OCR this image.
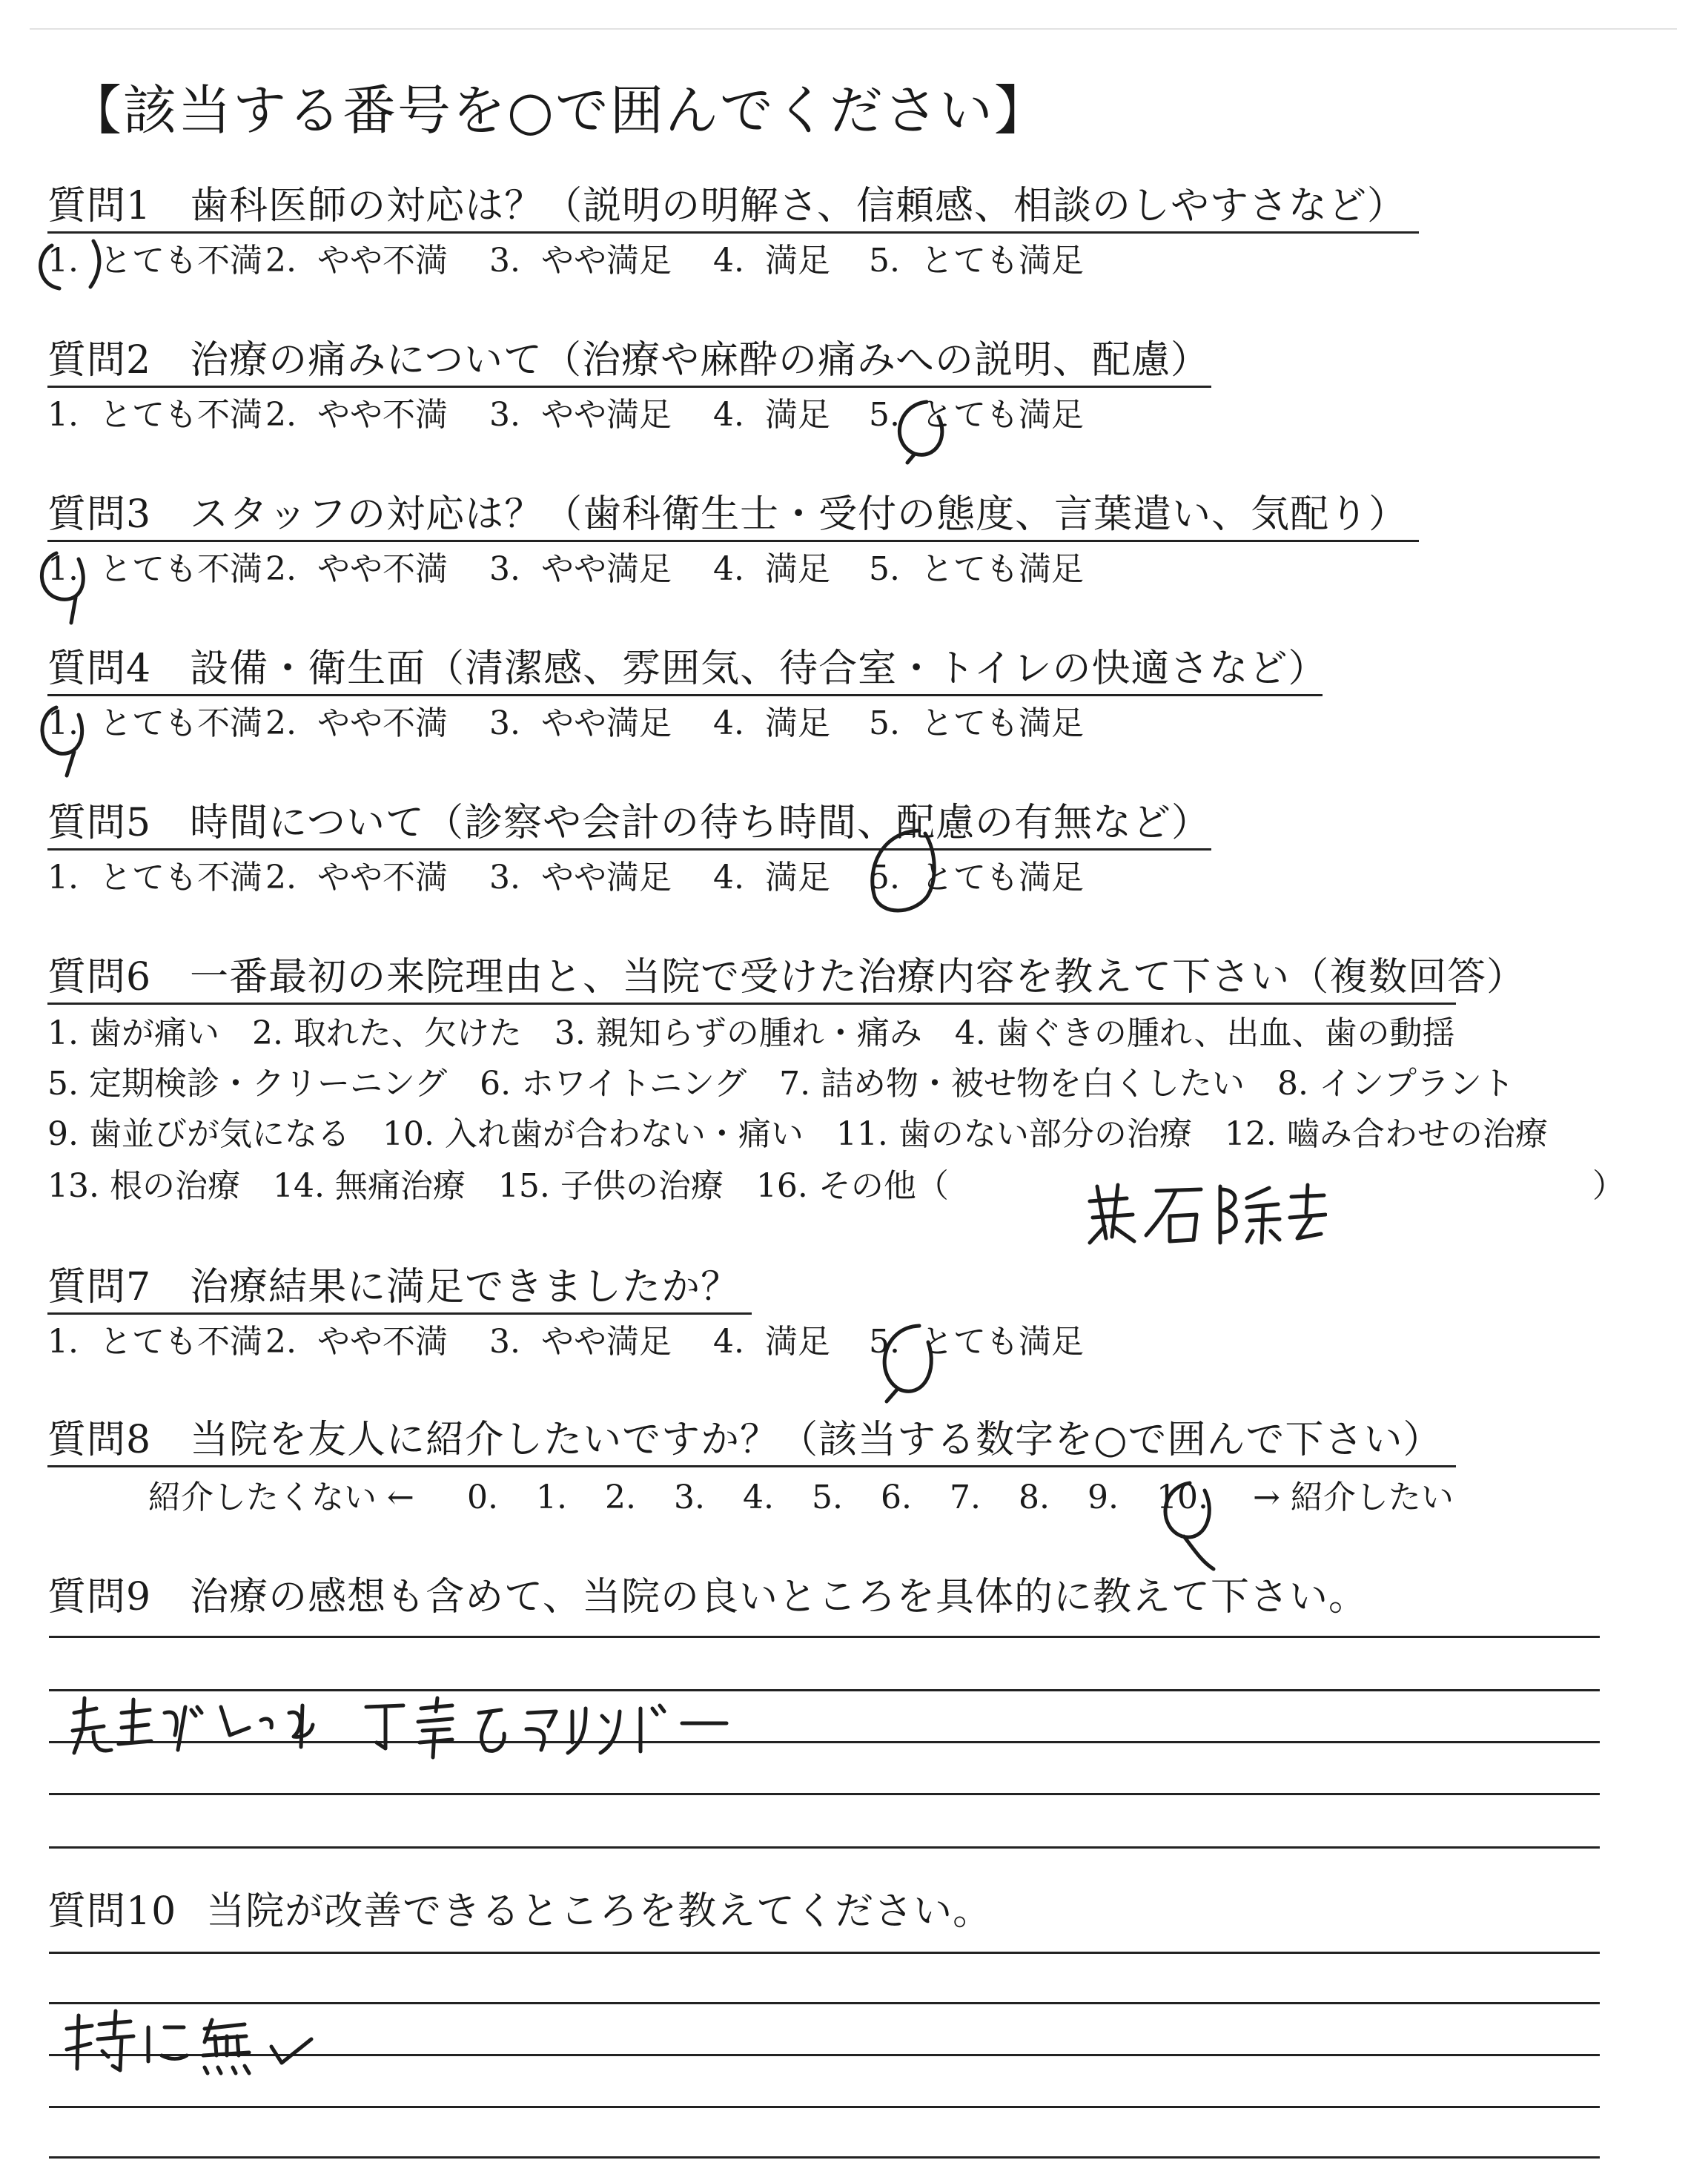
【該当する番号を○で囲んでください】
質問1 歯科医師の対応は？（説明の明解さ、信頼感、相談のしやすさなど）
1. とても不満2. やや不満 3. やや満足 4. 満足 5. とても満足
質問2 治療の痛みについて（治療や麻酔の痛みへの説明、配慮）
1. とても不満2. やや不満 3. やや満足 4. 満足 5. とても満足
質問3 スタッフの対応は？（歯科衛生士・受付の態度、言葉遣い、気配り）
1. とても不満2. やや不満 3. やや満足 4. 満足 5. とても満足
質問4 設備・衛生面（清潔感、雰囲気、待合室・トイレの快適さなど）
1. とても不満2. やや不満 3. やや満足 4. 満足 5. とても満足
質問5 時間について（診察や会計の待ち時間、配慮の有無など）
1. とても不満2. やや不満 3. やや満足 4. 満足 5. とても満足
質問6 一番最初の来院理由と、当院で受けた治療内容を教えて下さい（複数回答）
1. 歯が痛い　2. 取れた、欠けた　3. 親知らずの腫れ・痛み　4. 歯ぐきの腫れ、出血、歯の動揺
5. 定期検診・クリーニング　6. ホワイトニング　7. 詰め物・被せ物を白くしたい　8. インプラント
9. 歯並びが気になる　10. 入れ歯が合わない・痛い　11. 歯のない部分の治療　12. 嚙み合わせの治療
13. 根の治療　14. 無痛治療　15. 子供の治療　16. その他（	）
質問7 治療結果に満足できましたか？
1. とても不満2. やや不満 3. やや満足 4. 満足 5. とても満足
質問8 当院を友人に紹介したいですか？（該当する数字を○で囲んで下さい）
紹介したくない ← 0. 1. 2. 3. 4. 5. 6. 7. 8. 9. 10. → 紹介したい
質問9 治療の感想も含めて、当院の良いところを具体的に教えて下さい。
質問10 当院が改善できるところを教えてください。
